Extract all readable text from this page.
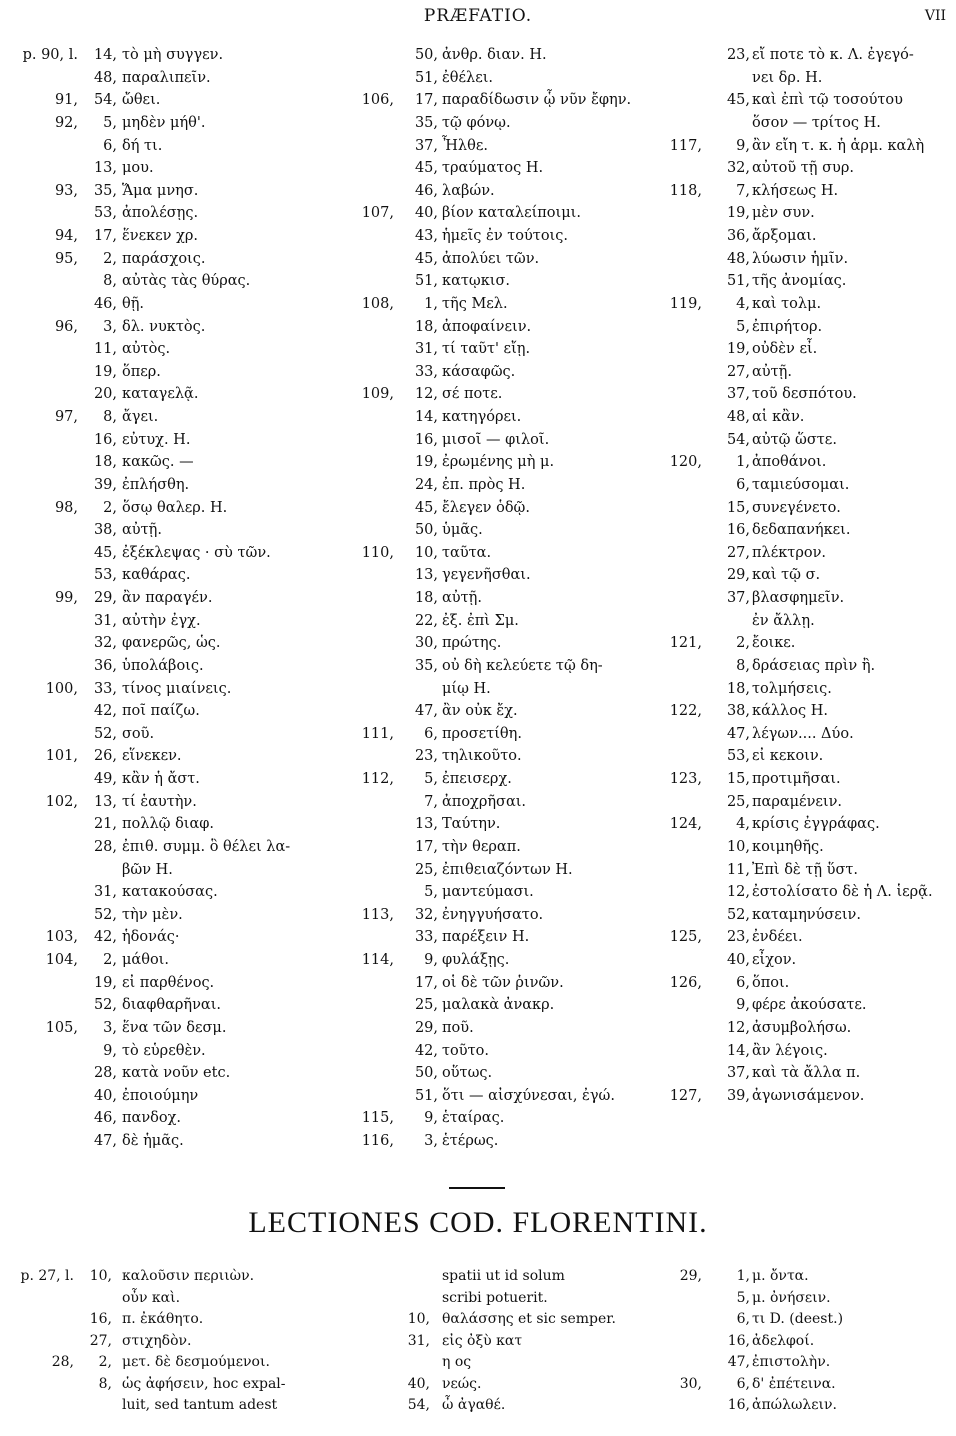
PRÆFATIO.	VII
p. 90, l. 14, τὸ μὴ συγγεν.
48, παραλιπεῖν.
91, 54, ὤθει.
92, 5, μηδὲν μήθ'.
6, δή τι.
13, μου.
93, 35, Ἅμα μνησ.
53, ἀπολέσῃς.
94, 17, ἕνεκεν χρ.
95, 2, παράσχοις.
8, αὐτὰς τὰς θύρας.
46, θῇ.
96, 3, δλ. νυκτὸς.
11, αὐτὸς.
19, ὅπερ.
20, καταγελᾷ.
97, 8, ἄγει.
16, εὐτυχ. H.
18, κακῶς. —
39, ἐπλήσθη.
98, 2, ὅσῳ θαλερ. H.
38, αὐτῇ.
45, ἐξέκλεψας · σὺ τῶν.
53, καθάρας.
99, 29, ἂν παραγέν.
31, αὐτὴν ἐγχ.
32, φανερῶς, ὡς.
36, ὑπολάβοις.
100, 33, τίνος μιαίνεις.
42, ποῖ παίζω.
52, σοῦ.
101, 26, εἵνεκεν.
49, κἂν ἡ ἄστ.
102, 13, τί ἑαυτὴν.
21, πολλῷ διαφ.
28, ἐπιθ. συμμ. ὃ θέλει λα-
βῶν H.
31, κατακούσας.
52, τὴν μὲν.
103, 42, ἡδονάς·
104, 2, μάθοι.
19, εἰ παρθένος.
52, διαφθαρῆναι.
105, 3, ἕνα τῶν δεσμ.
9, τὸ εὑρεθὲν.
28, κατὰ νοῦν etc.
40, ἐποιούμην
46, πανδοχ.
47, δὲ ἡμᾶς.
50, ἀνθρ. διαν. H.
51, ἐθέλει.
106, 17, παραδίδωσιν ᾧ νῦν ἔφην.
35, τῷ φόνῳ.
37, Ἦλθε.
45, τραύματος H.
46, λαβών.
107, 40, βίον καταλείποιμι.
43, ἡμεῖς ἐν τούτοις.
45, ἀπολύει τῶν.
51, κατῳκισ.
108, 1, τῆς Μελ.
18, ἀποφαίνειν.
31, τί ταῦτ' εἴῃ.
33, κάσαφῶς.
109, 12, σέ ποτε.
14, κατηγόρει.
16, μισοῖ — φιλοῖ.
19, ἐρωμένης μὴ μ.
24, ἐπ. πρὸς H.
45, ἔλεγεν ὁδῷ.
50, ὑμᾶς.
110, 10, ταῦτα.
13, γεγενῆσθαι.
18, αὐτῇ.
22, ἐξ. ἐπὶ Σμ.
30, πρώτης.
35, οὐ δὴ κελεύετε τῷ δη-
μίῳ H.
47, ἂν οὐκ ἔχ.
111, 6, προσετίθη.
23, τηλικοῦτο.
112, 5, ἐπεισερχ.
7, ἀποχρῆσαι.
13, Ταύτην.
17, τὴν θεραπ.
25, ἐπιθειαζόντων H.
5, μαντεύμασι.
113, 32, ἐνηγγυήσατο.
33, παρέξειν H.
114, 9, φυλάξῃς.
17, οἱ δὲ τῶν ῥινῶν.
25, μαλακὰ ἀνακρ.
29, ποῦ.
42, τοῦτο.
50, οὕτως.
51, ὅτι — αἰσχύνεσαι, ἐγώ.
115, 9, ἑταίρας.
116, 3, ἑτέρως.
23, εἴ ποτε τὸ κ. Λ. ἐγεγό-
νει δρ. H.
45, καὶ ἐπὶ τῷ τοσούτου
ὅσον — τρίτος H.
117, 9, ἂν εἴη τ. κ. ἡ ἁρμ. καλὴ
32, αὐτοῦ τῇ συρ.
118, 7, κλήσεως H.
19, μὲν συν.
36, ἄρξομαι.
48, λύωσιν ἡμῖν.
51, τῆς ἀνομίας.
119, 4, καὶ τολμ.
5, ἐπιρήτορ.
19, οὐδὲν εἶ.
27, αὐτῇ.
37, τοῦ δεσπότου.
48, αἱ κἂν.
54, αὐτῷ ὥστε.
120, 1, ἀποθάνοι.
6, ταμιεύσομαι.
15, συνεγένετο.
16, δεδαπανήκει.
27, πλέκτρον.
29, καὶ τῷ σ.
37, βλασφημεῖν.
ἐν ἄλλῃ.
121, 2, ἔοικε.
8, δράσειας πρὶν ἢ.
18, τολμήσεις.
122, 38, κάλλος H.
47, λέγων.... Δύο.
53, εἰ κεκοιν.
123, 15, προτιμῆσαι.
25, παραμένειν.
124, 4, κρίσις ἐγγράφας.
10, κοιμηθῆς.
11, Ἐπὶ δὲ τῇ ὕστ.
12, ἐστολίσατο δὲ ἡ Λ. ἱερᾷ.
52, καταμηνύσειν.
125, 23, ἐνδέει.
40, εἶχον.
126, 6, ὅποι.
9, φέρε ἀκούσατε.
12, ἀσυμβολήσω.
14, ἂν λέγοις.
37, καὶ τὰ ἄλλα π.
127, 39, ἀγωνισάμενον.
LECTIONES COD. FLORENTINI.
p. 27, l. 10, καλοῦσιν περιιὼν.
οὖν καὶ.
16, π. ἐκάθητο.
27, στιχηδὸν.
28, 2, μετ. δὲ δεσμούμενοι.
8, ὡς ἀφήσειν, hoc expal-
luit, sed tantum adest
spatii ut id solum
scribi potuerit.
10, θαλάσσης et sic semper.
31, εἰς ὀξὺ κατ
η ος
40, νεώς.
54, ὦ ἀγαθέ.
29, 1, μ. ὄντα.
5, μ. ὀνήσειν.
6, τι D. (deest.)
16, ἀδελφοί.
47, ἐπιστολὴν.
30, 6, δ' ἐπέτεινα.
16, ἀπώλωλειν.
